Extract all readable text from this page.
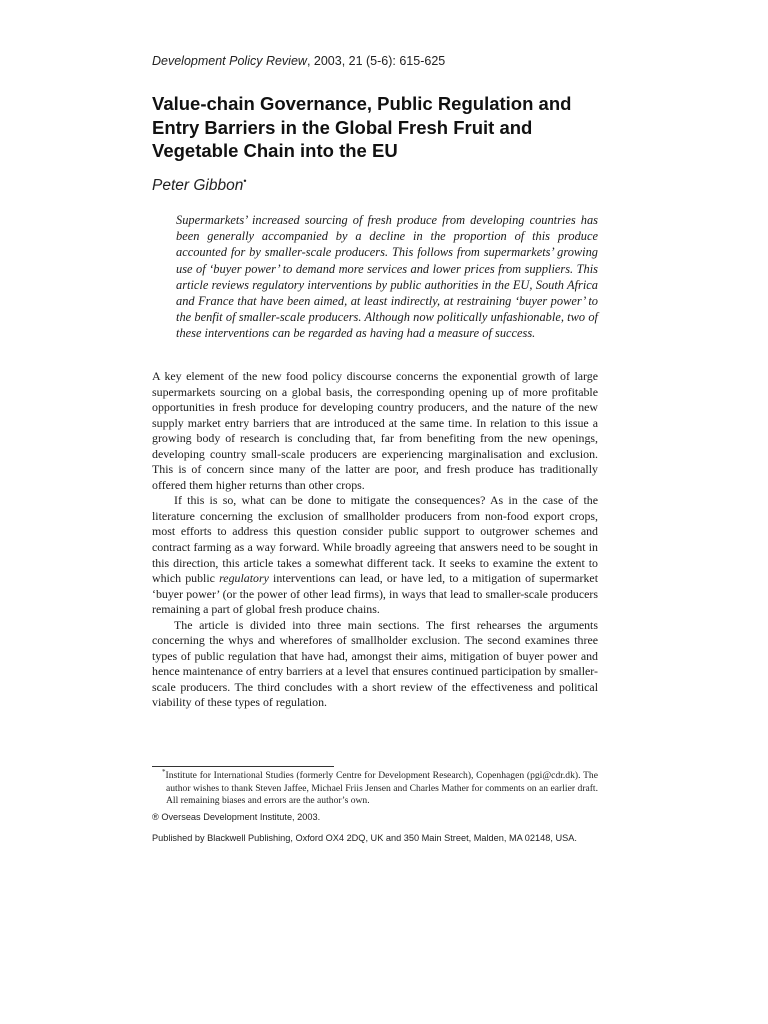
Development Policy Review, 2003, 21 (5-6): 615-625
Value-chain Governance, Public Regulation and Entry Barriers in the Global Fresh Fruit and Vegetable Chain into the EU
Peter Gibbon•

Supermarkets’ increased sourcing of fresh produce from developing countries has been generally accompanied by a decline in the proportion of this produce accounted for by smaller-scale producers. This follows from supermarkets’ growing use of ‘buyer power’ to demand more services and lower prices from suppliers. This article reviews regulatory interventions by public authorities in the EU, South Africa and France that have been aimed, at least indirectly, at restraining ‘buyer power’ to the benfit of smaller-scale producers. Although now politically unfashionable, two of these interventions can be regarded as having had a measure of success.

A key element of the new food policy discourse concerns the exponential growth of large supermarkets sourcing on a global basis, the corresponding opening up of more profitable opportunities in fresh produce for developing country producers, and the nature of the new supply market entry barriers that are introduced at the same time. In relation to this issue a growing body of research is concluding that, far from benefiting from the new openings, developing country small-scale producers are experiencing marginalisation and exclusion. This is of concern since many of the latter are poor, and fresh produce has traditionally offered them higher returns than other crops.

If this is so, what can be done to mitigate the consequences? As in the case of the literature concerning the exclusion of smallholder producers from non-food export crops, most efforts to address this question consider public support to outgrower schemes and contract farming as a way forward. While broadly agreeing that answers need to be sought in this direction, this article takes a somewhat different tack. It seeks to examine the extent to which public regulatory interventions can lead, or have led, to a mitigation of supermarket ‘buyer power’ (or the power of other lead firms), in ways that lead to smaller-scale producers remaining a part of global fresh produce chains.

The article is divided into three main sections. The first rehearses the arguments concerning the whys and wherefores of smallholder exclusion. The second examines three types of public regulation that have had, amongst their aims, mitigation of buyer power and hence maintenance of entry barriers at a level that ensures continued participation by smaller-scale producers. The third concludes with a short review of the effectiveness and political viability of these types of regulation.

*Institute for International Studies (formerly Centre for Development Research), Copenhagen (pgi@cdr.dk). The author wishes to thank Steven Jaffee, Michael Friis Jensen and Charles Mather for comments on an earlier draft. All remaining biases and errors are the author’s own.

® Overseas Development Institute, 2003.
Published by Blackwell Publishing, Oxford OX4 2DQ, UK and 350 Main Street, Malden, MA 02148, USA.
